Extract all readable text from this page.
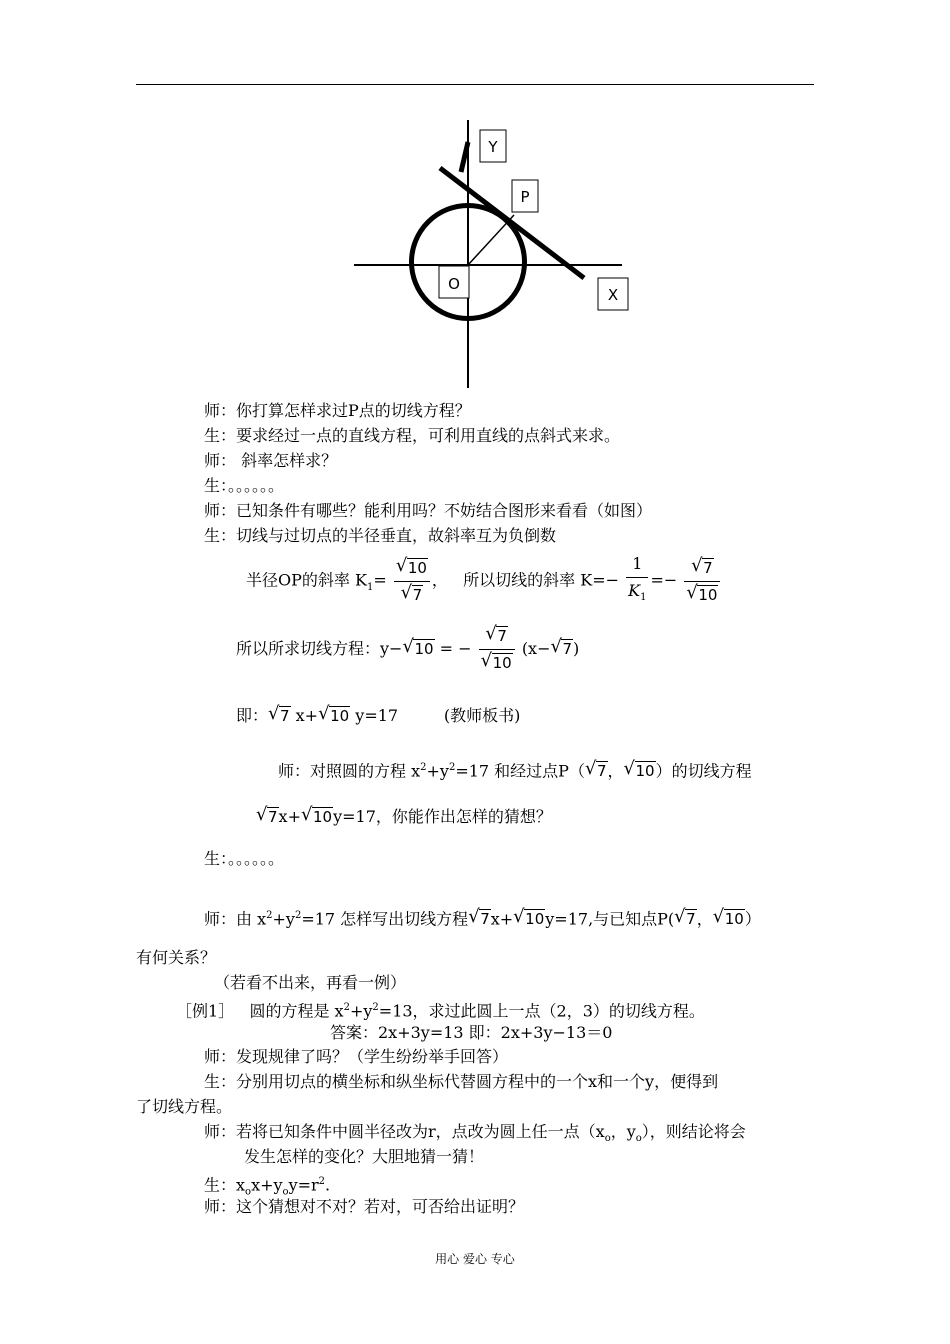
O
Y
P
X
师：你打算怎样求过P点的切线方程？
生：要求经过一点的直线方程，可利用直线的点斜式来求。
师： 斜率怎样求？
生：。。。。。。
师：已知条件有哪些？能利用吗？不妨结合图形来看看（如图）
生：切线与过切点的半径垂直，故斜率互为负倒数
半径OP的斜率 $K_1=$ √ 10
√ 7 ，   所以切线的斜率 $K=- \frac{1}{K_1}$ =− √ 7
√ 10
所以所求切线方程：y− √ 10 = − √ 7
√ 10 (x− √ 7)
即： √ 7 x+ √ 10 y=17	(教师板书)
师：对照圆的方程 $x^2+y^2=17$ 和经过点P（ √ 7， √ 10）的切线方程
√ 7x+ √ 10y=17，你能作出怎样的猜想？
生：。。。。。。
师：由 $x^2+y^2=17$ 怎样写出切线方程 √ 7x+ √ 10y=17,与已知点P( √ 7， √ 10）
有何关系？
（若看不出来，再看一例）
［例1］ 圆的方程是 $x^2+y^2=13$，求过此圆上一点（2，3）的切线方程。
答案：2x+3y=13 即：2x+3y−13＝0
师：发现规律了吗？（学生纷纷举手回答）
生：分别用切点的横坐标和纵坐标代替圆方程中的一个x和一个y，便得到
了切线方程。
师：若将已知条件中圆半径改为r，点改为圆上任一点（$x_o$，$y_o$），则结论将会
发生怎样的变化？大胆地猜一猜！
生：$x_ox+y_oy=r^2$.
师：这个猜想对不对？若对，可否给出证明？
用心 爱心 专心
